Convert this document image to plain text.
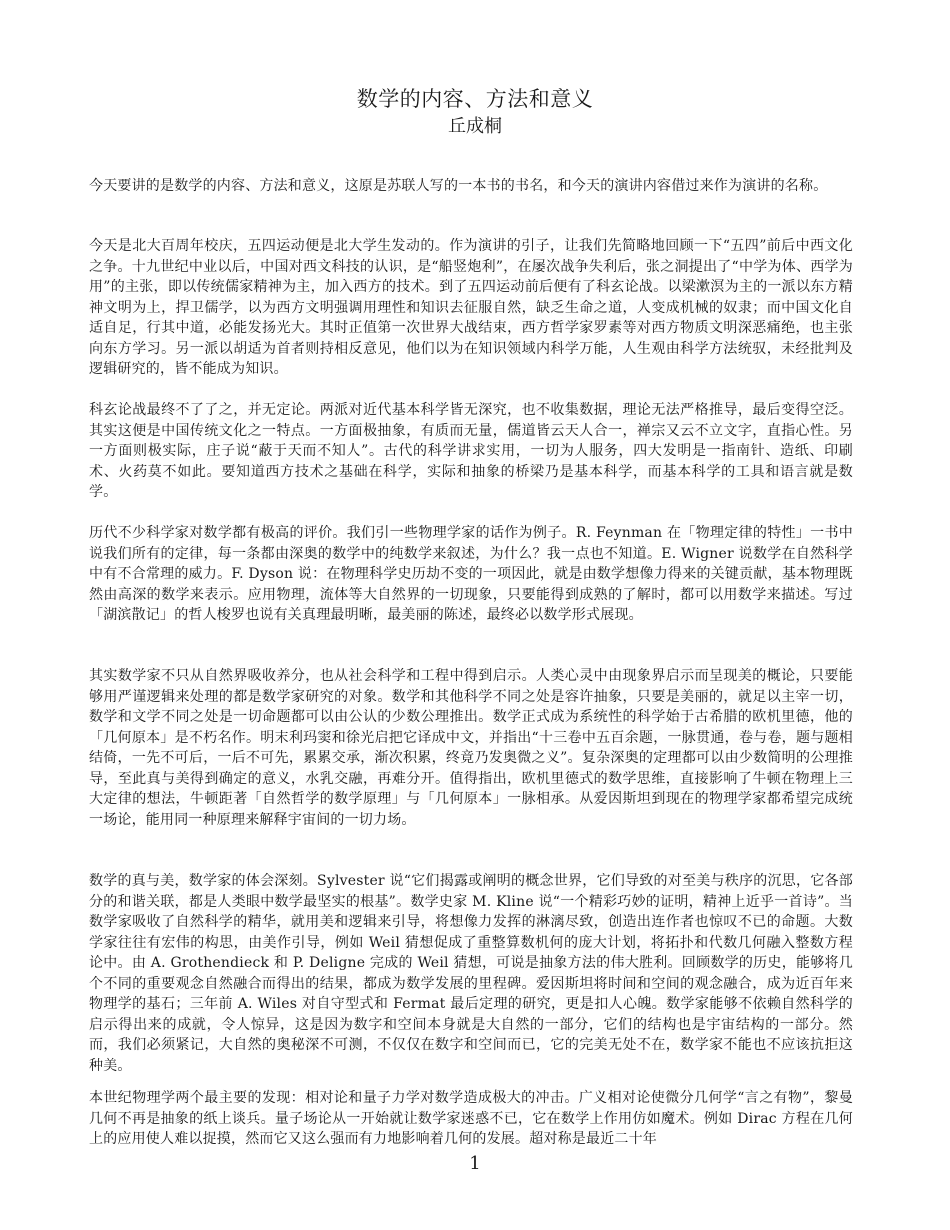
数学的内容、方法和意义
丘成桐

今天要讲的是数学的内容、方法和意义，这原是苏联人写的一本书的书名，和今天的演讲内容借过来作为演讲的名称。

今天是北大百周年校庆，五四运动便是北大学生发动的。作为演讲的引子，让我们先简略地回顾一下“五四”前后中西文化之争。十九世纪中业以后，中国对西文科技的认识，是“船竖炮利”，在屡次战争失利后，张之洞提出了“中学为体、西学为用”的主张，即以传统儒家精神为主，加入西方的技术。到了五四运动前后便有了科玄论战。以梁漱溟为主的一派以东方精神文明为上，捍卫儒学，以为西方文明强调用理性和知识去征服自然，缺乏生命之道，人变成机械的奴隶；而中国文化自适自足，行其中道，必能发扬光大。其时正值第一次世界大战结束，西方哲学家罗素等对西方物质文明深恶痛绝，也主张向东方学习。另一派以胡适为首者则持相反意见，他们以为在知识领域内科学万能，人生观由科学方法统驭，未经批判及逻辑研究的，皆不能成为知识。

科玄论战最终不了了之，并无定论。两派对近代基本科学皆无深究，也不收集数据，理论无法严格推导，最后变得空泛。其实这便是中国传统文化之一特点。一方面极抽象，有质而无量，儒道皆云天人合一，禅宗又云不立文字，直指心性。另一方面则极实际，庄子说“蔽于天而不知人”。古代的科学讲求实用，一切为人服务，四大发明是一指南针、造纸、印刷术、火药莫不如此。要知道西方技术之基础在科学，实际和抽象的桥梁乃是基本科学，而基本科学的工具和语言就是数学。

历代不少科学家对数学都有极高的评价。我们引一些物理学家的话作为例子。R. Feynman 在「物理定律的特性」一书中说我们所有的定律，每一条都由深奥的数学中的纯数学来叙述，为什么？我一点也不知道。E. Wigner 说数学在自然科学中有不合常理的威力。F. Dyson 说：在物理科学史历劫不变的一项因此，就是由数学想像力得来的关键贡献，基本物理既然由高深的数学来表示。应用物理，流体等大自然界的一切现象，只要能得到成熟的了解时，都可以用数学来描述。写过「湖滨散记」的哲人梭罗也说有关真理最明晰，最美丽的陈述，最终必以数学形式展现。

其实数学家不只从自然界吸收养分，也从社会科学和工程中得到启示。人类心灵中由现象界启示而呈现美的概论，只要能够用严谨逻辑来处理的都是数学家研究的对象。数学和其他科学不同之处是容许抽象，只要是美丽的，就足以主宰一切，数学和文学不同之处是一切命题都可以由公认的少数公理推出。数学正式成为系统性的科学始于古希腊的欧机里德，他的「几何原本」是不朽名作。明末利玛窦和徐光启把它译成中文，并指出“十三卷中五百余题，一脉贯通，卷与卷，题与题相结倚，一先不可后，一后不可先，累累交承，渐次积累，终竟乃发奥微之义”。复杂深奥的定理都可以由少数简明的公理推导，至此真与美得到确定的意义，水乳交融，再难分开。值得指出，欧机里德式的数学思维，直接影响了牛顿在物理上三大定律的想法，牛顿距著「自然哲学的数学原理」与「几何原本」一脉相承。从爱因斯坦到现在的物理学家都希望完成统一场论，能用同一种原理来解释宇宙间的一切力场。

数学的真与美，数学家的体会深刻。Sylvester 说“它们揭露或阐明的概念世界，它们导致的对至美与秩序的沉思，它各部分的和谐关联，都是人类眼中数学最坚实的根基”。数学史家 M. Kline 说“一个精彩巧妙的证明，精神上近乎一首诗”。当数学家吸收了自然科学的精华，就用美和逻辑来引导，将想像力发挥的淋漓尽致，创造出连作者也惊叹不已的命题。大数学家往往有宏伟的构思，由美作引导，例如 Weil 猜想促成了重整算数机何的庞大计划，将拓扑和代数几何融入整数方程论中。由 A. Grothendieck 和 P. Deligne 完成的 Weil 猜想，可说是抽象方法的伟大胜利。回顾数学的历史，能够将几个不同的重要观念自然融合而得出的结果，都成为数学发展的里程碑。爱因斯坦将时间和空间的观念融合，成为近百年来物理学的基石；三年前 A. Wiles 对自守型式和 Fermat 最后定理的研究，更是扣人心魄。数学家能够不依赖自然科学的启示得出来的成就，令人惊异，这是因为数字和空间本身就是大自然的一部分，它们的结构也是宇宙结构的一部分。然而，我们必须紧记，大自然的奥秘深不可测，不仅仅在数字和空间而已，它的完美无处不在，数学家不能也不应该抗拒这种美。

本世纪物理学两个最主要的发现：相对论和量子力学对数学造成极大的冲击。广义相对论使微分几何学“言之有物”，黎曼几何不再是抽象的纸上谈兵。量子场论从一开始就让数学家迷惑不已，它在数学上作用仿如魔术。例如 Dirac 方程在几何上的应用使人难以捉摸，然而它又这么强而有力地影响着几何的发展。超对称是最近二十年

1
